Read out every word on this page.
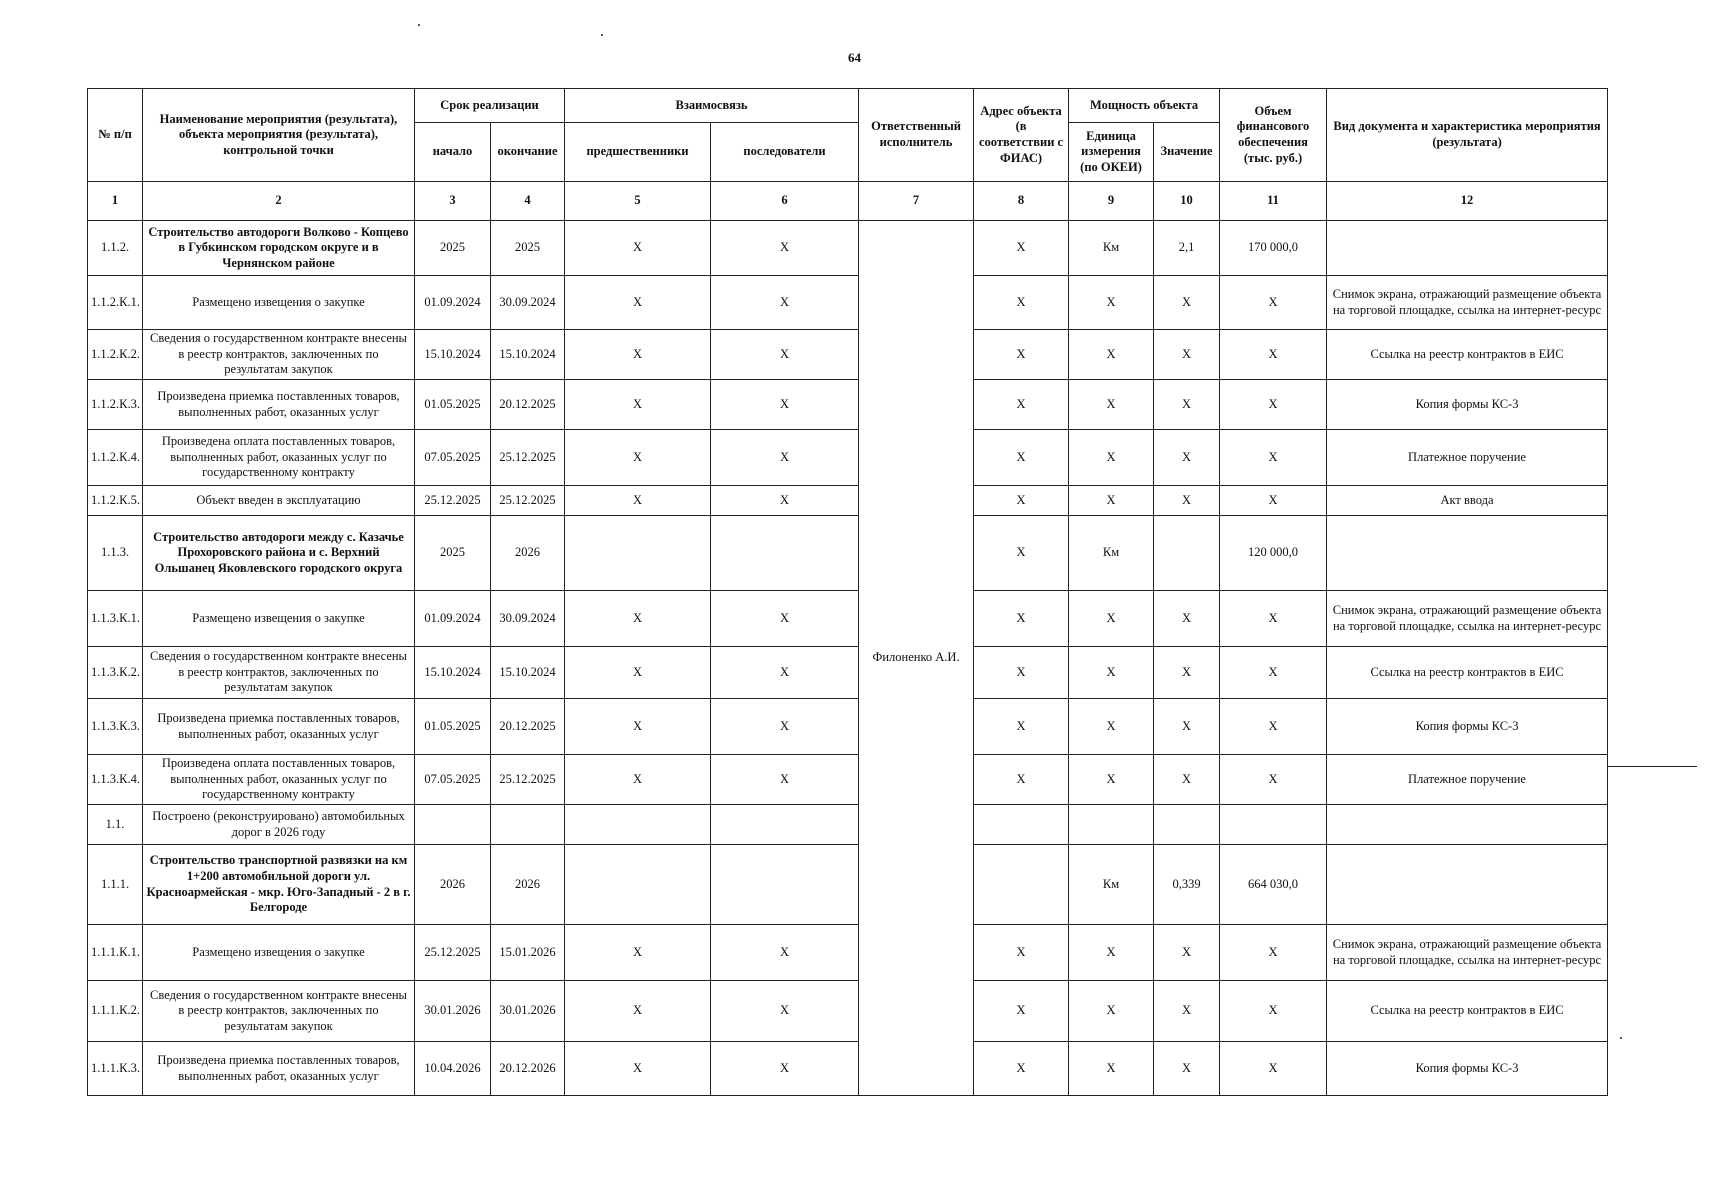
64
№ п/п	Наименование мероприятия (результата), объекта мероприятия (результата), контрольной точки	Срок реализации		Взаимосвязь		Ответственный исполнитель	Адрес объекта (в соответствии с ФИАС)	Мощность объекта		Объем финансового обеспечения (тыс. руб.)	Вид документа и характеристика мероприятия (результата)
		начало	окончание	предшественники	последователи			Единица измерения (по ОКЕИ)	Значение		
1	2	3	4	5	6	7	8	9	10	11	12
1.1.2.	Строительство автодороги Волково - Копцево в Губкинском городском округе и в Чернянском районе	2025	2025	Х	Х	Филоненко А.И.	Х	Км	2,1	170 000,0	
1.1.2.К.1.	Размещено извещения о закупке	01.09.2024	30.09.2024	Х	Х		Х	Х	Х	Х	Снимок экрана, отражающий размещение объекта на торговой площадке, ссылка на интернет-ресурс
1.1.2.К.2.	Сведения о государственном контракте внесены в реестр контрактов, заключенных по результатам закупок	15.10.2024	15.10.2024	Х	Х		Х	Х	Х	Х	Ссылка на реестр контрактов в ЕИС
1.1.2.К.3.	Произведена приемка поставленных товаров, выполненных работ, оказанных услуг	01.05.2025	20.12.2025	Х	Х		Х	Х	Х	Х	Копия формы КС-3
1.1.2.К.4.	Произведена оплата поставленных товаров, выполненных работ, оказанных услуг по государственному контракту	07.05.2025	25.12.2025	Х	Х		Х	Х	Х	Х	Платежное поручение
1.1.2.К.5.	Объект введен в эксплуатацию	25.12.2025	25.12.2025	Х	Х		Х	Х	Х	Х	Акт ввода
1.1.3.	Строительство автодороги между с. Казачье Прохоровского района и с. Верхний Ольшанец Яковлевского городского округа	2025	2026				Х	Км		120 000,0	
1.1.3.К.1.	Размещено извещения о закупке	01.09.2024	30.09.2024	Х	Х		Х	Х	Х	Х	Снимок экрана, отражающий размещение объекта на торговой площадке, ссылка на интернет-ресурс
1.1.3.К.2.	Сведения о государственном контракте внесены в реестр контрактов, заключенных по результатам закупок	15.10.2024	15.10.2024	Х	Х		Х	Х	Х	Х	Ссылка на реестр контрактов в ЕИС
1.1.3.К.3.	Произведена приемка поставленных товаров, выполненных работ, оказанных услуг	01.05.2025	20.12.2025	Х	Х		Х	Х	Х	Х	Копия формы КС-3
1.1.3.К.4.	Произведена оплата поставленных товаров, выполненных работ, оказанных услуг по государственному контракту	07.05.2025	25.12.2025	Х	Х		Х	Х	Х	Х	Платежное поручение
1.1.	Построено (реконструировано) автомобильных дорог в 2026 году										
1.1.1.	Строительство транспортной развязки на км 1+200 автомобильной дороги ул. Красноармейская - мкр. Юго-Западный - 2 в г. Белгороде	2026	2026					Км	0,339	664 030,0	
1.1.1.К.1.	Размещено извещения о закупке	25.12.2025	15.01.2026	Х	Х		Х	Х	Х	Х	Снимок экрана, отражающий размещение объекта на торговой площадке, ссылка на интернет-ресурс
1.1.1.К.2.	Сведения о государственном контракте внесены в реестр контрактов, заключенных по результатам закупок	30.01.2026	30.01.2026	Х	Х		Х	Х	Х	Х	Ссылка на реестр контрактов в ЕИС
1.1.1.К.3.	Произведена приемка поставленных товаров, выполненных работ, оказанных услуг	10.04.2026	20.12.2026	Х	Х		Х	Х	Х	Х	Копия формы КС-3
